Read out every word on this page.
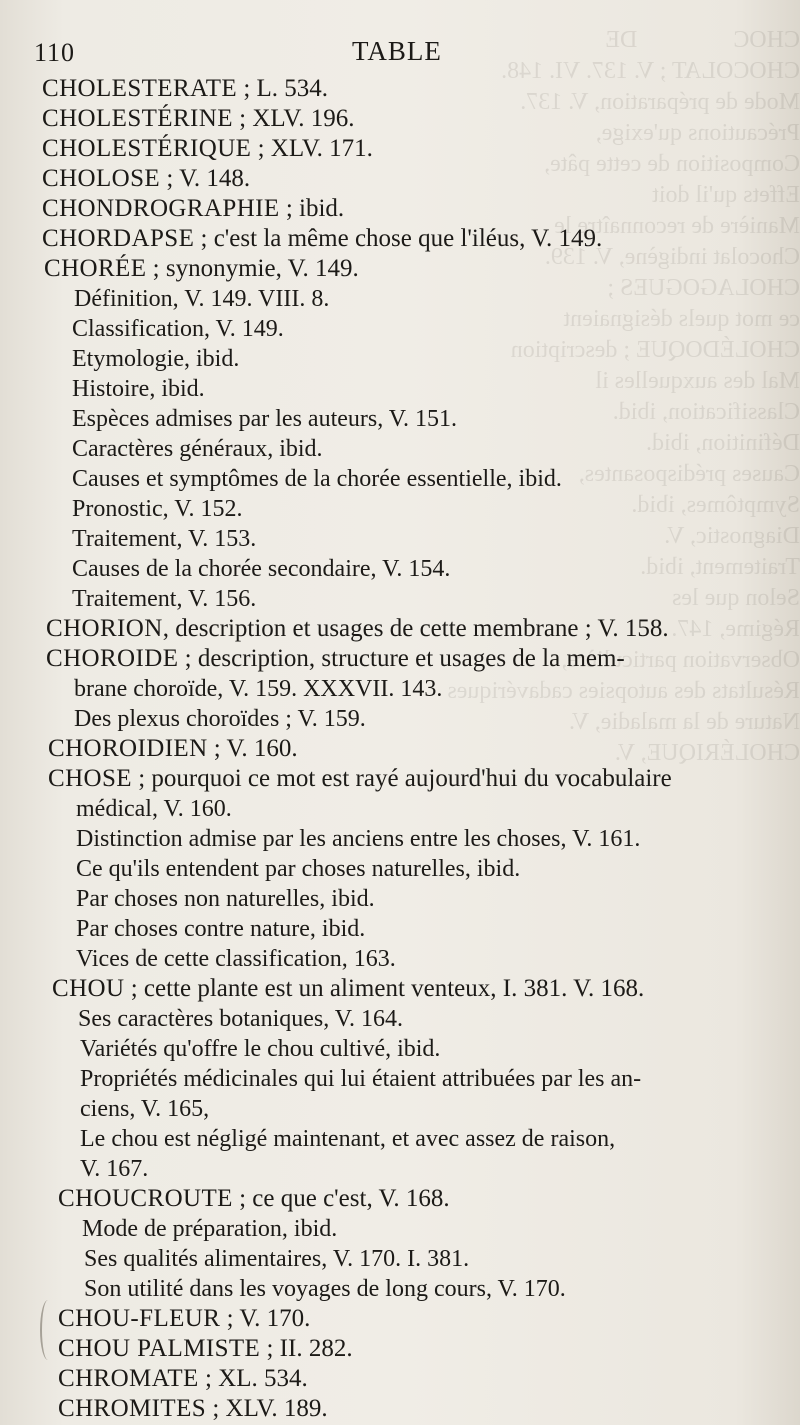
CHOC                DE
CHOCOLAT ; V. 137. VI. 148.
Mode de préparation, V. 137.
Précautions qu'exige,
Composition de cette pâte,
Effets qu'il doit
Manière de reconnaître le
Chocolat indigène, V. 139.
CHOLAGOGUES ;
ce mot quels désignaient
CHOLÉDOQUE ; description
Mal des auxquelles il
Classification, ibid.
Définition, ibid.
Causes prédisposantes,
Symptômes, ibid.
Diagnostic, V.
Traitement, ibid.
Selon que les
Régime, 147.
Observation particulière,
Résultats des autopsies cadavériques
Nature de la maladie, V.
CHOLÉRIQUE, V.
110	TABLE
CHOLESTERATE ; L. 534.
CHOLESTÉRINE ; XLV. 196.
CHOLESTÉRIQUE ; XLV. 171.
CHOLOSE ; V. 148.
CHONDROGRAPHIE ; ibid.
CHORDAPSE ; c'est la même chose que l'iléus, V. 149.
CHORÉE ; synonymie, V. 149.
Définition, V. 149. VIII. 8.
Classification, V. 149.
Etymologie, ibid.
Histoire, ibid.
Espèces admises par les auteurs, V. 151.
Caractères généraux, ibid.
Causes et symptômes de la chorée essentielle, ibid.
Pronostic, V. 152.
Traitement, V. 153.
Causes de la chorée secondaire, V. 154.
Traitement, V. 156.
CHORION, description et usages de cette membrane ; V. 158.
CHOROIDE ; description, structure et usages de la mem-
brane choroïde, V. 159. XXXVII. 143.
Des plexus choroïdes ; V. 159.
CHOROIDIEN ; V. 160.
CHOSE ; pourquoi ce mot est rayé aujourd'hui du vocabulaire
médical, V. 160.
Distinction admise par les anciens entre les choses, V. 161.
Ce qu'ils entendent par choses naturelles, ibid.
Par choses non naturelles, ibid.
Par choses contre nature, ibid.
Vices de cette classification, 163.
CHOU ; cette plante est un aliment venteux, I. 381. V. 168.
Ses caractères botaniques, V. 164.
Variétés qu'offre le chou cultivé, ibid.
Propriétés médicinales qui lui étaient attribuées par les an-
ciens, V. 165,
Le chou est négligé maintenant, et avec assez de raison,
V. 167.
CHOUCROUTE ; ce que c'est, V. 168.
Mode de préparation, ibid.
Ses qualités alimentaires, V. 170. I. 381.
Son utilité dans les voyages de long cours, V. 170.
CHOU-FLEUR ; V. 170.
CHOU PALMISTE ; II. 282.
CHROMATE ; XL. 534.
CHROMITES ; XLV. 189.
